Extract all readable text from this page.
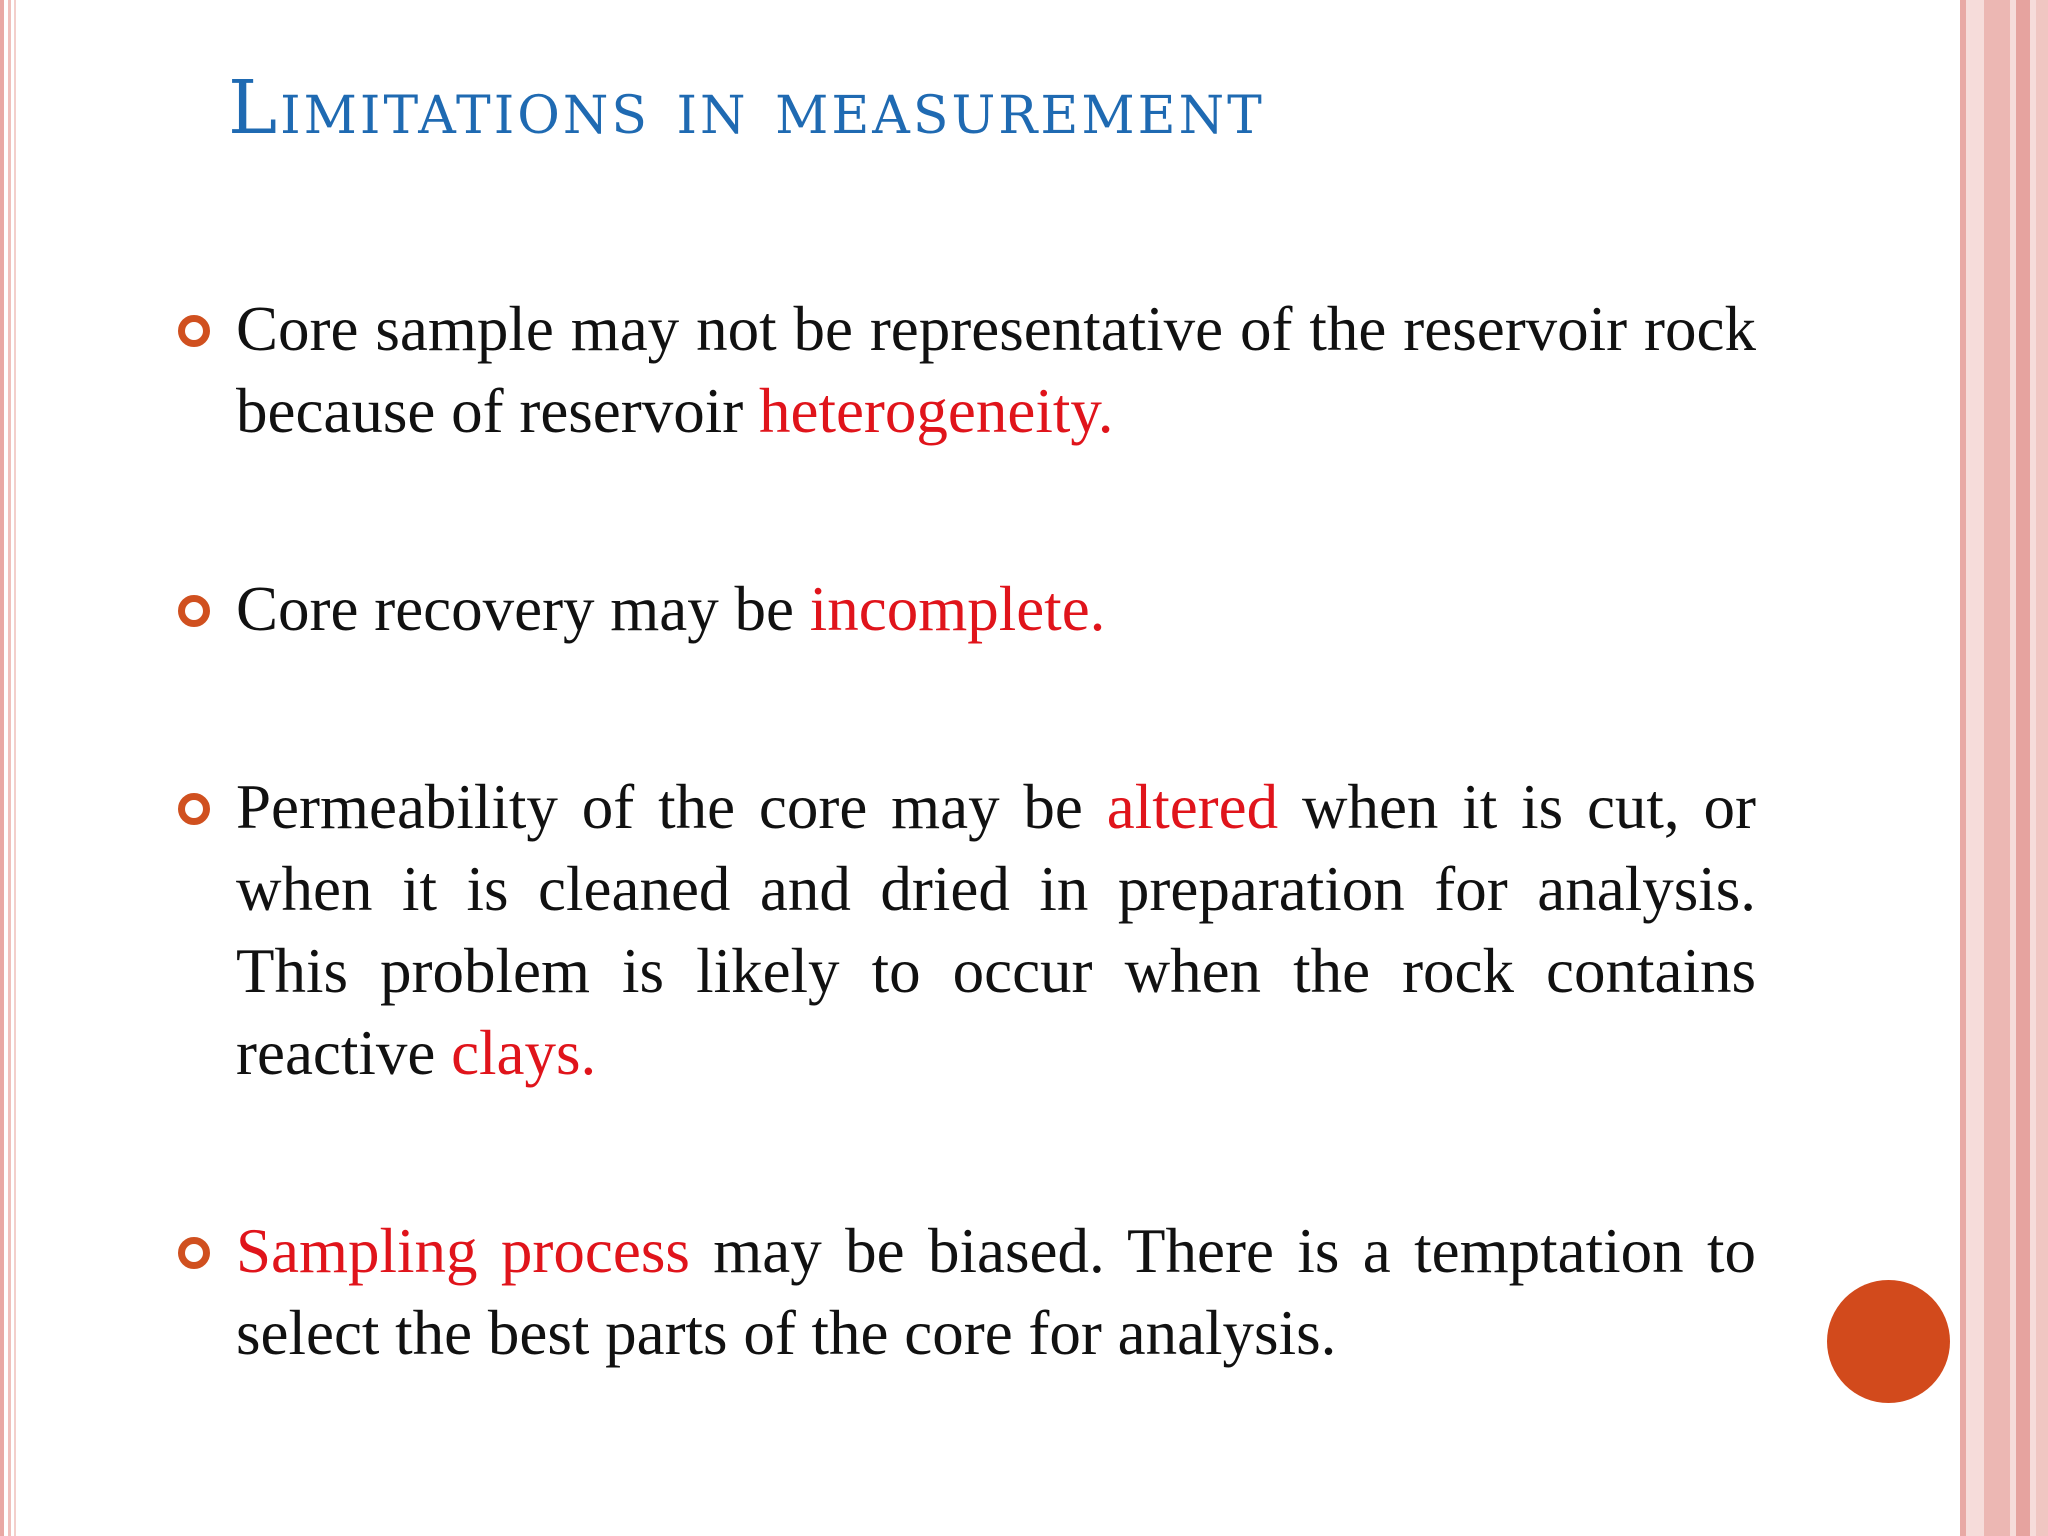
Limitations in measurement
Core sample may not be representative of the reservoir rock because of reservoir heterogeneity.
Core recovery may be incomplete.
Permeability of the core may be altered when it is cut, or when it is cleaned and dried in preparation for analysis. This problem is likely to occur when the rock contains reactive clays.
Sampling process may be biased. There is a temptation to select the best parts of the core for analysis.
